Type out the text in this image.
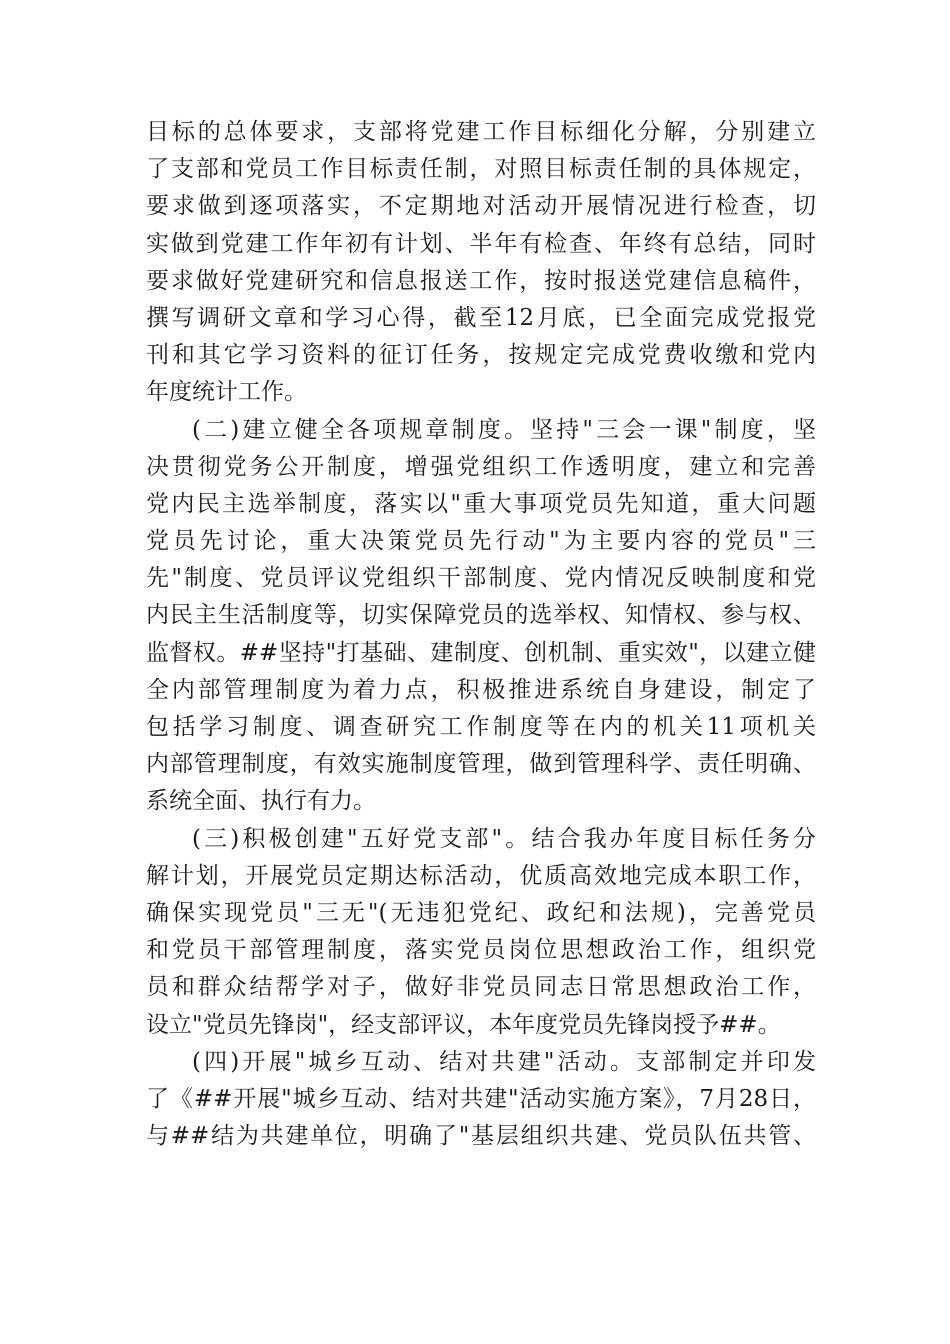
目标的总体要求，支部将党建工作目标细化分解，分别建立
了支部和党员工作目标责任制，对照目标责任制的具体规定，
要求做到逐项落实，不定期地对活动开展情况进行检查，切
实做到党建工作年初有计划、半年有检查、年终有总结，同时
要求做好党建研究和信息报送工作，按时报送党建信息稿件，
撰写调研文章和学习心得，截至12月底，已全面完成党报党
刊和其它学习资料的征订任务，按规定完成党费收缴和党内
年度统计工作。
(二)建立健全各项规章制度。坚持"三会一课"制度，坚
决贯彻党务公开制度，增强党组织工作透明度，建立和完善
党内民主选举制度，落实以"重大事项党员先知道，重大问题
党员先讨论，重大决策党员先行动"为主要内容的党员"三
先"制度、党员评议党组织干部制度、党内情况反映制度和党
内民主生活制度等，切实保障党员的选举权、知情权、参与权、
监督权。##坚持"打基础、建制度、创机制、重实效"，以建立健
全内部管理制度为着力点，积极推进系统自身建设，制定了
包括学习制度、调查研究工作制度等在内的机关11项机关
内部管理制度，有效实施制度管理，做到管理科学、责任明确、
系统全面、执行有力。
(三)积极创建"五好党支部"。结合我办年度目标任务分
解计划，开展党员定期达标活动，优质高效地完成本职工作，
确保实现党员"三无"(无违犯党纪、政纪和法规)，完善党员
和党员干部管理制度，落实党员岗位思想政治工作，组织党
员和群众结帮学对子，做好非党员同志日常思想政治工作，
设立"党员先锋岗"，经支部评议，本年度党员先锋岗授予##。
(四)开展"城乡互动、结对共建"活动。支部制定并印发
了《##开展"城乡互动、结对共建"活动实施方案》，7月28日，
与##结为共建单位，明确了"基层组织共建、党员队伍共管、
